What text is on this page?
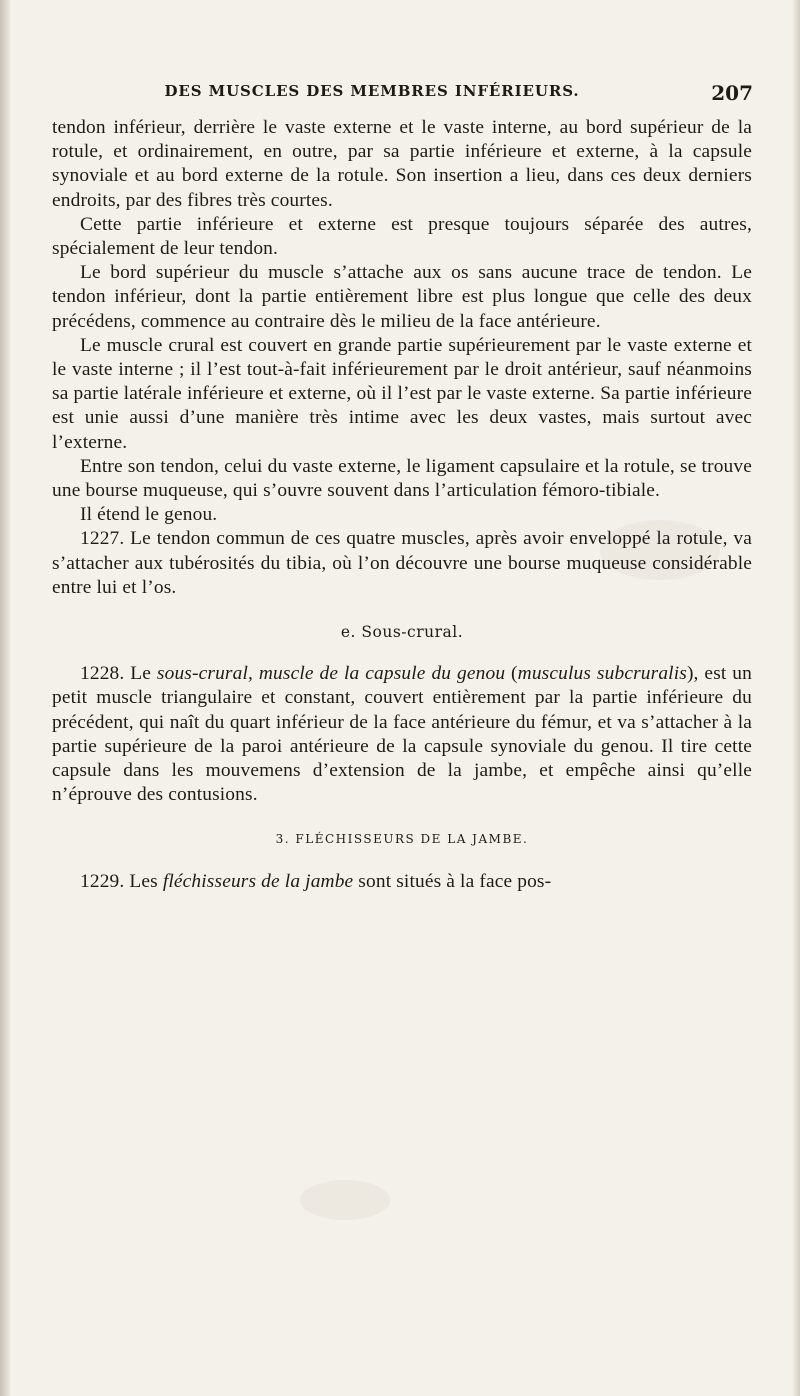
DES MUSCLES DES MEMBRES INFÉRIEURS.	207

tendon inférieur, derrière le vaste externe et le vaste interne, au bord supérieur de la rotule, et ordinairement, en outre, par sa partie inférieure et externe, à la capsule synoviale et au bord externe de la rotule. Son insertion a lieu, dans ces deux derniers endroits, par des fibres très courtes.

Cette partie inférieure et externe est presque toujours séparée des autres, spécialement de leur tendon.

Le bord supérieur du muscle s’attache aux os sans aucune trace de tendon. Le tendon inférieur, dont la partie entièrement libre est plus longue que celle des deux précédens, commence au contraire dès le milieu de la face antérieure.

Le muscle crural est couvert en grande partie supérieurement par le vaste externe et le vaste interne ; il l’est tout-à-fait inférieurement par le droit antérieur, sauf néanmoins sa partie latérale inférieure et externe, où il l’est par le vaste externe. Sa partie inférieure est unie aussi d’une manière très intime avec les deux vastes, mais surtout avec l’externe.

Entre son tendon, celui du vaste externe, le ligament capsulaire et la rotule, se trouve une bourse muqueuse, qui s’ouvre souvent dans l’articulation fémoro-tibiale.

Il étend le genou.

1227. Le tendon commun de ces quatre muscles, après avoir enveloppé la rotule, va s’attacher aux tubérosités du tibia, où l’on découvre une bourse muqueuse considérable entre lui et l’os.

e. Sous-crural.

1228. Le sous-crural, muscle de la capsule du genou (musculus subcruralis), est un petit muscle triangulaire et constant, couvert entièrement par la partie inférieure du précédent, qui naît du quart inférieur de la face antérieure du fémur, et va s’attacher à la partie supérieure de la paroi antérieure de la capsule synoviale du genou. Il tire cette capsule dans les mouvemens d’extension de la jambe, et empêche ainsi qu’elle n’éprouve des contusions.

3. FLÉCHISSEURS DE LA JAMBE.

1229. Les fléchisseurs de la jambe sont situés à la face pos-
